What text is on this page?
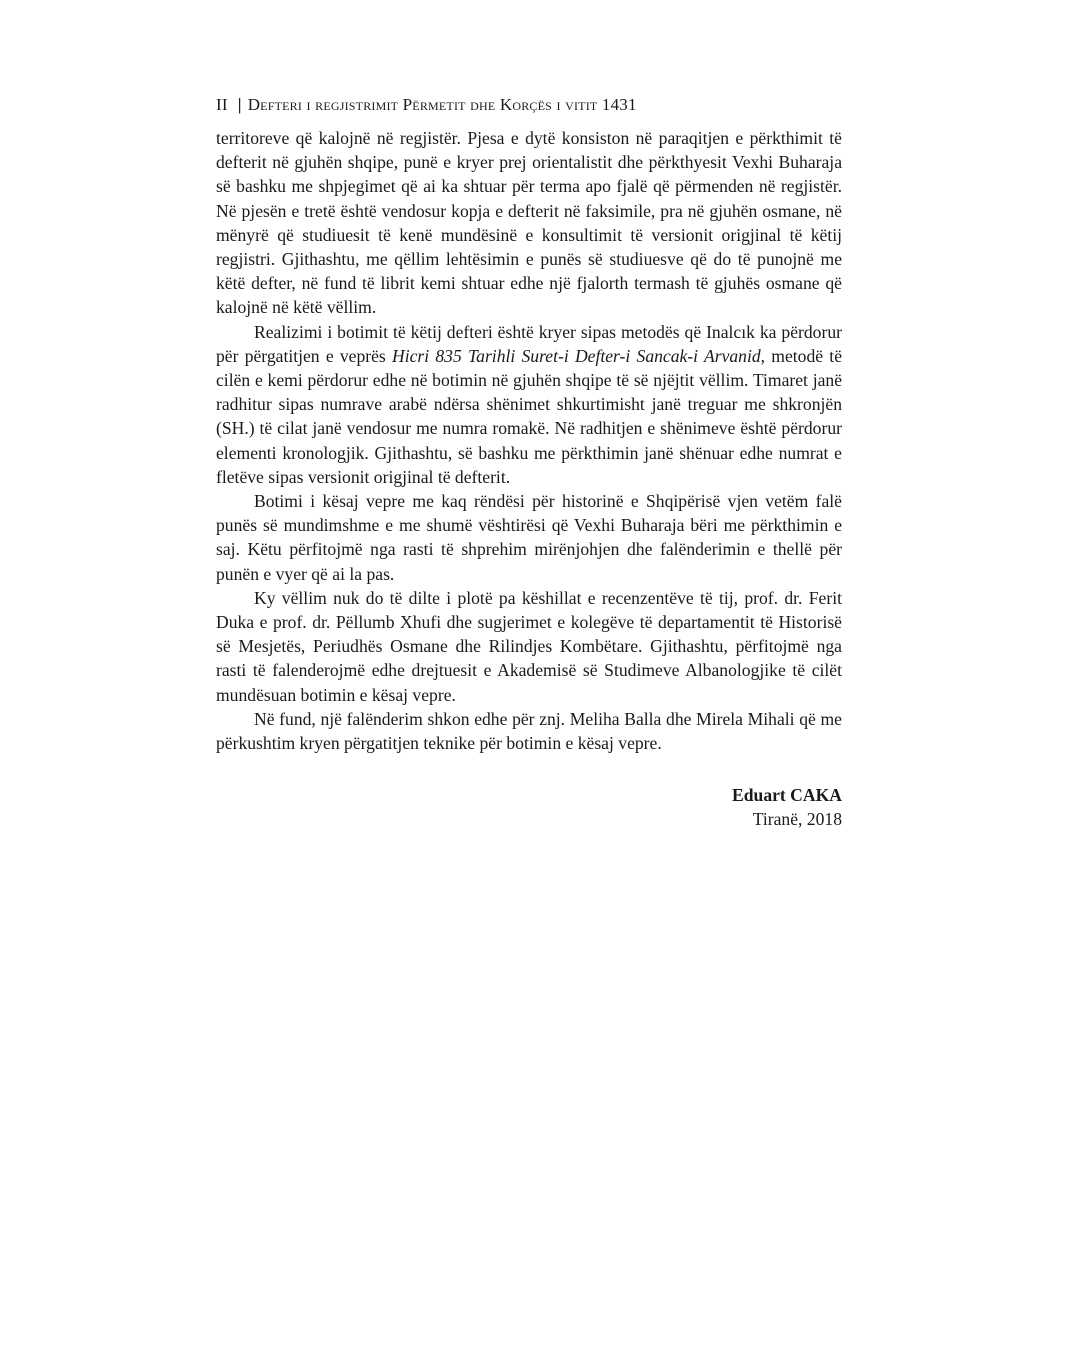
II | Defteri i regjistrimit Përmetit dhe Korçës i vitit 1431

territoreve që kalojnë në regjistër. Pjesa e dytë konsiston në paraqitjen e përkthimit të defterit në gjuhën shqipe, punë e kryer prej orientalistit dhe përkthyesit Vexhi Buharaja së bashku me shpjegimet që ai ka shtuar për terma apo fjalë që përmenden në regjistër. Në pjesën e tretë është vendosur kopja e defterit në faksimile, pra në gjuhën osmane, në mënyrë që studiuesit të kenë mundësinë e konsultimit të versionit origjinal të këtij regjistri. Gjithashtu, me qëllim lehtësimin e punës së studiuesve që do të punojnë me këtë defter, në fund të librit kemi shtuar edhe një fjalorth termash të gjuhës osmane që kalojnë në këtë vëllim.

Realizimi i botimit të këtij defteri është kryer sipas metodës që Inalcık ka përdorur për përgatitjen e veprës Hicri 835 Tarihli Suret-i Defter-i Sancak-i Arvanid, metodë të cilën e kemi përdorur edhe në botimin në gjuhën shqipe të së njëjtit vëllim. Timaret janë radhitur sipas numrave arabë ndërsa shënimet shkurtimisht janë treguar me shkronjën (SH.) të cilat janë vendosur me numra romakë. Në radhitjen e shënimeve është përdorur elementi kronologjik. Gjithashtu, së bashku me përkthimin janë shënuar edhe numrat e fletëve sipas versionit origjinal të defterit.

Botimi i kësaj vepre me kaq rëndësi për historinë e Shqipërisë vjen vetëm falë punës së mundimshme e me shumë vështirësi që Vexhi Buharaja bëri me përkthimin e saj. Këtu përfitojmë nga rasti të shprehim mirënjohjen dhe falënderimin e thellë për punën e vyer që ai la pas.

Ky vëllim nuk do të dilte i plotë pa këshillat e recenzentëve të tij, prof. dr. Ferit Duka e prof. dr. Pëllumb Xhufi dhe sugjerimet e kolegëve të departamentit të Historisë së Mesjetës, Periudhës Osmane dhe Rilindjes Kombëtare. Gjithashtu, përfitojmë nga rasti të falenderojmë edhe drejtuesit e Akademisë së Studimeve Albanologjike të cilët mundësuan botimin e kësaj vepre.

Në fund, një falënderim shkon edhe për znj. Meliha Balla dhe Mirela Mihali që me përkushtim kryen përgatitjen teknike për botimin e kësaj vepre.

Eduart CAKA
Tiranë, 2018
